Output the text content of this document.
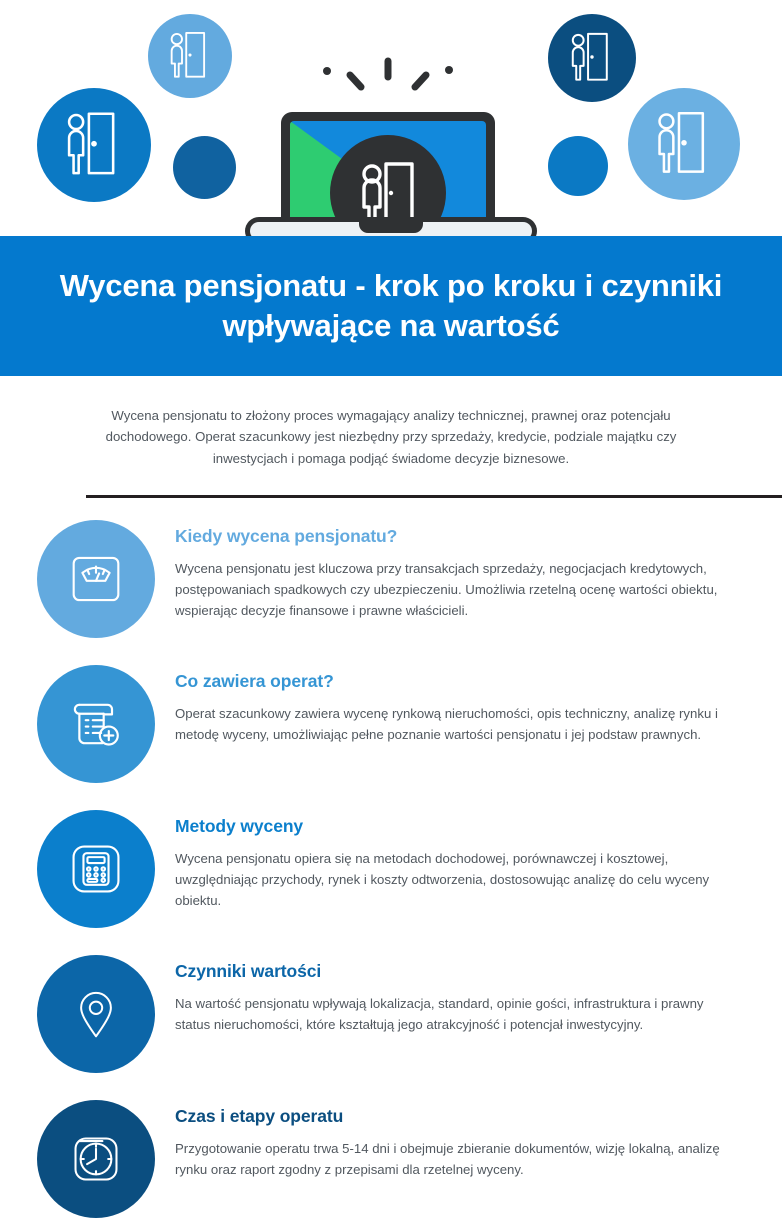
Wycena pensjonatu - krok po kroku i czynniki wpływające na wartość

Wycena pensjonatu to złożony proces wymagający analizy technicznej, prawnej oraz potencjału dochodowego. Operat szacunkowy jest niezbędny przy sprzedaży, kredycie, podziale majątku czy inwestycjach i pomaga podjąć świadome decyzje biznesowe.

Kiedy wycena pensjonatu?
Wycena pensjonatu jest kluczowa przy transakcjach sprzedaży, negocjacjach kredytowych, postępowaniach spadkowych czy ubezpieczeniu. Umożliwia rzetelną ocenę wartości obiektu, wspierając decyzje finansowe i prawne właścicieli.
Co zawiera operat?
Operat szacunkowy zawiera wycenę rynkową nieruchomości, opis techniczny, analizę rynku i metodę wyceny, umożliwiając pełne poznanie wartości pensjonatu i jej podstaw prawnych.
Metody wyceny
Wycena pensjonatu opiera się na metodach dochodowej, porównawczej i kosztowej, uwzględniając przychody, rynek i koszty odtworzenia, dostosowując analizę do celu wyceny obiektu.
Czynniki wartości
Na wartość pensjonatu wpływają lokalizacja, standard, opinie gości, infrastruktura i prawny status nieruchomości, które kształtują jego atrakcyjność i potencjał inwestycyjny.
Czas i etapy operatu
Przygotowanie operatu trwa 5-14 dni i obejmuje zbieranie dokumentów, wizję lokalną, analizę rynku oraz raport zgodny z przepisami dla rzetelnej wyceny.
